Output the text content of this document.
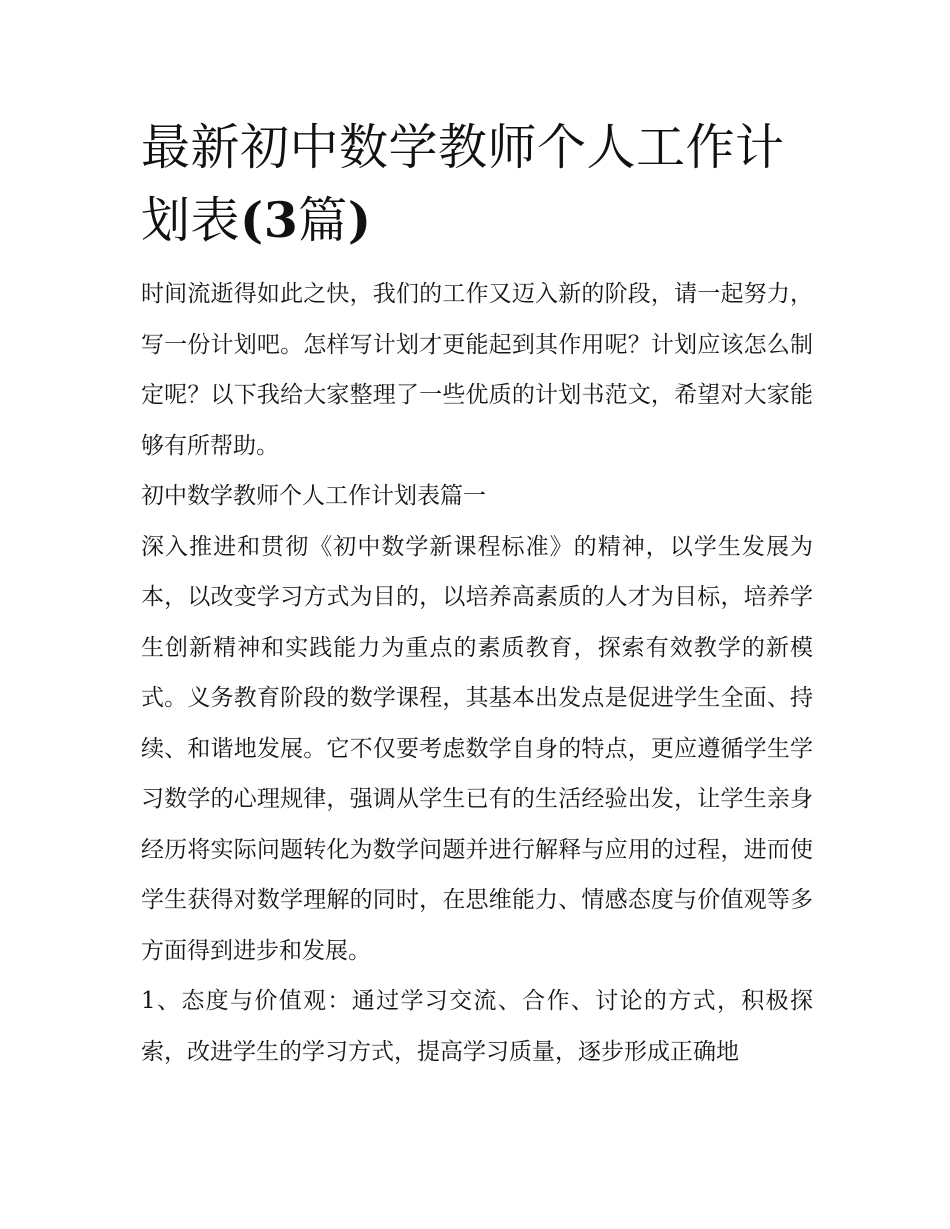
最新初中数学教师个人工作计划表(3篇)

时间流逝得如此之快，我们的工作又迈入新的阶段，请一起努力，写一份计划吧。怎样写计划才更能起到其作用呢？计划应该怎么制定呢？以下我给大家整理了一些优质的计划书范文，希望对大家能够有所帮助。

初中数学教师个人工作计划表篇一

深入推进和贯彻《初中数学新课程标准》的精神，以学生发展为本，以改变学习方式为目的，以培养高素质的人才为目标，培养学生创新精神和实践能力为重点的素质教育，探索有效教学的新模式。义务教育阶段的数学课程，其基本出发点是促进学生全面、持续、和谐地发展。它不仅要考虑数学自身的特点，更应遵循学生学习数学的心理规律，强调从学生已有的生活经验出发，让学生亲身经历将实际问题转化为数学问题并进行解释与应用的过程，进而使学生获得对数学理解的同时，在思维能力、情感态度与价值观等多方面得到进步和发展。

1、态度与价值观：通过学习交流、合作、讨论的方式，积极探索，改进学生的学习方式，提高学习质量，逐步形成正确地
